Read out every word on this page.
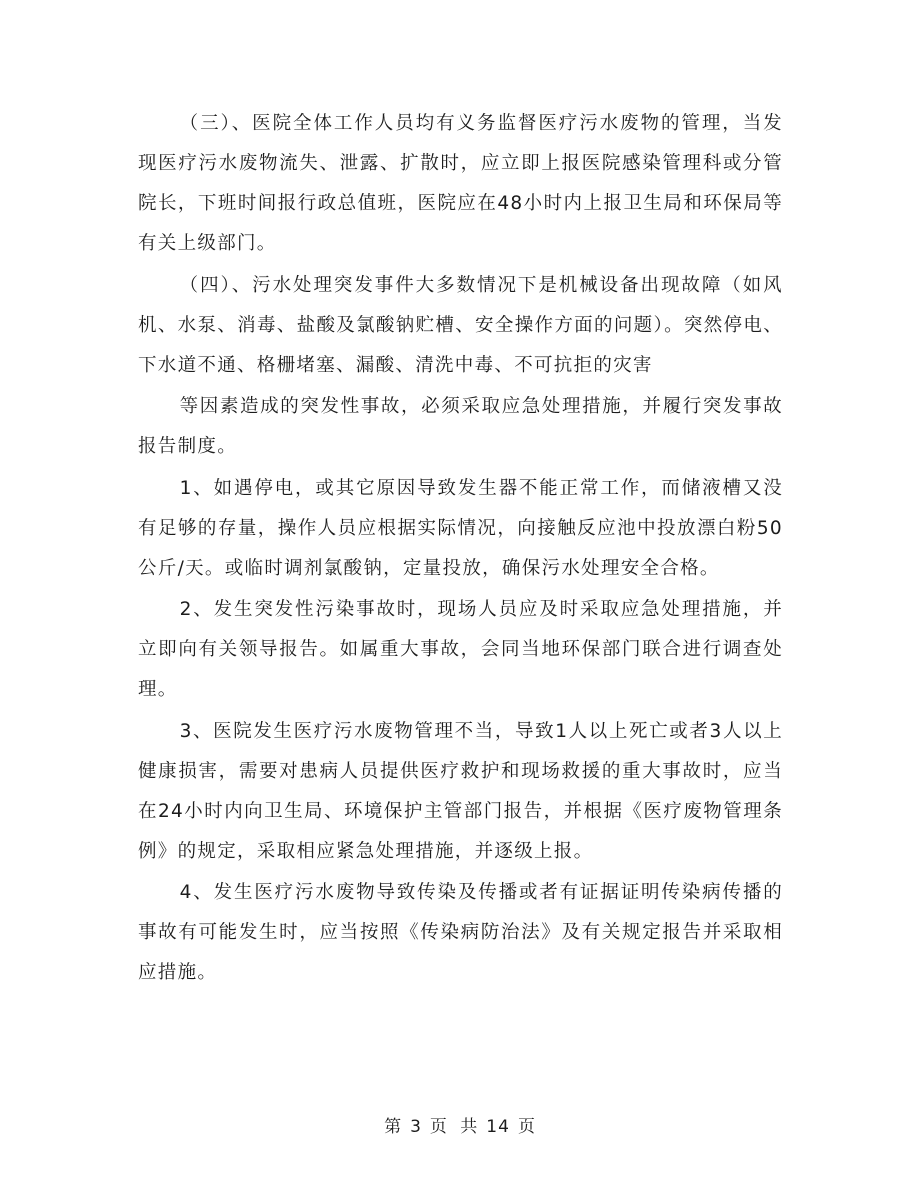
（三）、医院全体工作人员均有义务监督医疗污水废物的管理，当发现医疗污水废物流失、泄露、扩散时，应立即上报医院感染管理科或分管院长，下班时间报行政总值班，医院应在48小时内上报卫生局和环保局等有关上级部门。

（四）、污水处理突发事件大多数情况下是机械设备出现故障（如风机、水泵、消毒、盐酸及氯酸钠贮槽、安全操作方面的问题）。突然停电、下水道不通、格栅堵塞、漏酸、清洗中毒、不可抗拒的灾害

等因素造成的突发性事故，必须采取应急处理措施，并履行突发事故报告制度。

1、如遇停电，或其它原因导致发生器不能正常工作，而储液槽又没有足够的存量，操作人员应根据实际情况，向接触反应池中投放漂白粉50公斤/天。或临时调剂氯酸钠，定量投放，确保污水处理安全合格。

2、发生突发性污染事故时，现场人员应及时采取应急处理措施，并立即向有关领导报告。如属重大事故，会同当地环保部门联合进行调查处理。

3、医院发生医疗污水废物管理不当，导致1人以上死亡或者3人以上健康损害，需要对患病人员提供医疗救护和现场救援的重大事故时，应当在24小时内向卫生局、环境保护主管部门报告，并根据《医疗废物管理条例》的规定，采取相应紧急处理措施，并逐级上报。

4、发生医疗污水废物导致传染及传播或者有证据证明传染病传播的事故有可能发生时，应当按照《传染病防治法》及有关规定报告并采取相应措施。

第 3 页 共 14 页
